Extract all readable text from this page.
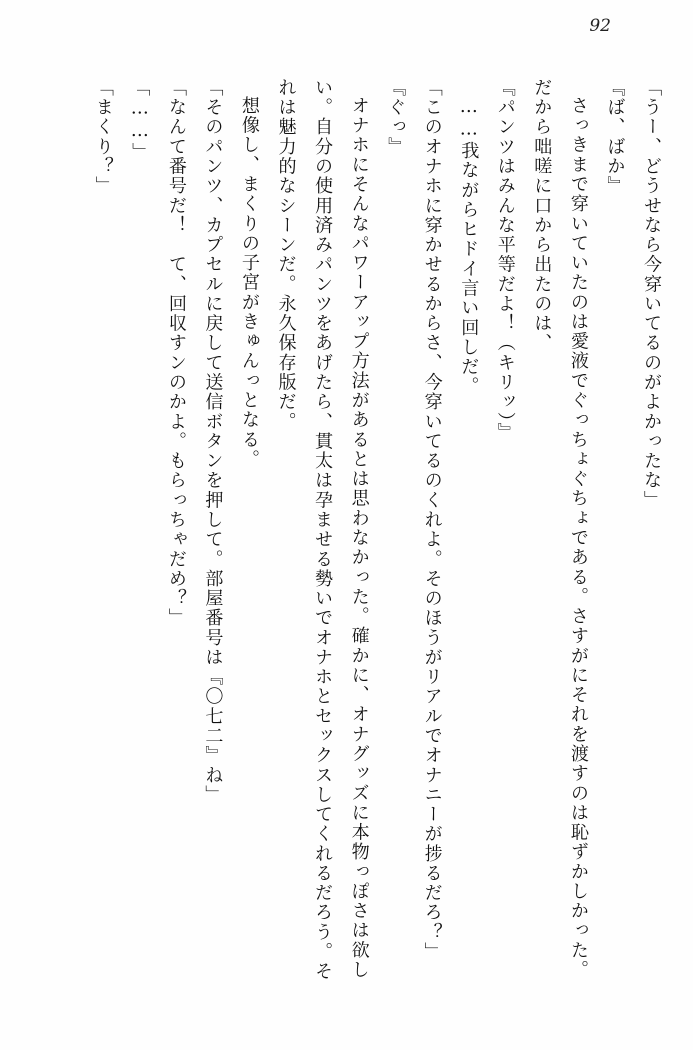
92

「うー、どうせなら今穿いてるのがよかったな」

『ば、ばか』

さっきまで穿いていたのは愛液でぐっちょぐちょである。さすがにそれを渡すのは恥ずかしかった。だから咄嗟に口から出たのは、

『パンツはみんな平等だよ！（キリッ）』

……我ながらヒドイ言い回しだ。

「このオナホに穿かせるからさ、今穿いてるのくれよ。そのほうがリアルでオナニーが捗るだろ？」

『ぐっ』

オナホにそんなパワーアップ方法があるとは思わなかった。確かに、オナグッズに本物っぽさは欲しい。自分の使用済みパンツをあげたら、貫太は孕ませる勢いでオナホとセックスしてくれるだろう。それは魅力的なシーンだ。永久保存版だ。

想像し、まくりの子宮がきゅんっとなる。

「そのパンツ、カプセルに戻して送信ボタンを押して。部屋番号は『〇七二』ね」

「なんて番号だ！　て、回収すンのかよ。もらっちゃだめ？」

「……」

「まくり？」
